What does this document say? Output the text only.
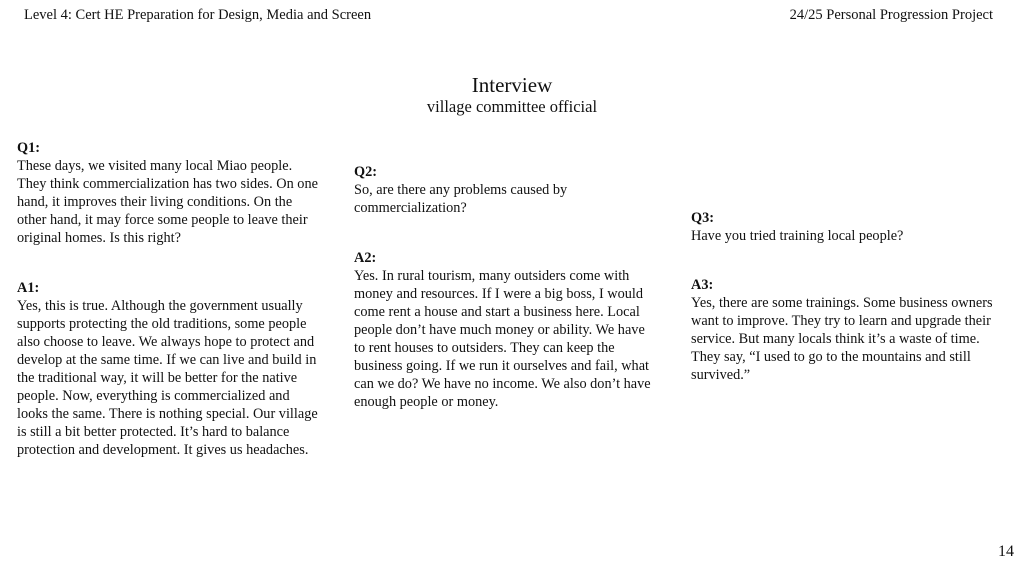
Level 4: Cert HE Preparation for Design, Media and Screen	24/25 Personal Progression Project
Interview
village committee official
Q1:
These days, we visited many local Miao people.
They think commercialization has two sides. On one
hand, it improves their living conditions. On the
other hand, it may force some people to leave their
original homes. Is this right?
A1:
Yes, this is true. Although the government usually
supports protecting the old traditions, some people
also choose to leave. We always hope to protect and
develop at the same time. If we can live and build in
the traditional way, it will be better for the native
people. Now, everything is commercialized and
looks the same. There is nothing special. Our village
is still a bit better protected. It’s hard to balance
protection and development. It gives us headaches.
Q2:
So, are there any problems caused by
commercialization?
A2:
Yes. In rural tourism, many outsiders come with
money and resources. If I were a big boss, I would
come rent a house and start a business here. Local
people don’t have much money or ability. We have
to rent houses to outsiders. They can keep the
business going. If we run it ourselves and fail, what
can we do? We have no income. We also don’t have
enough people or money.
Q3:
Have you tried training local people?
A3:
Yes, there are some trainings. Some business owners
want to improve. They try to learn and upgrade their
service. But many locals think it’s a waste of time.
They say, “I used to go to the mountains and still
survived.”
14
